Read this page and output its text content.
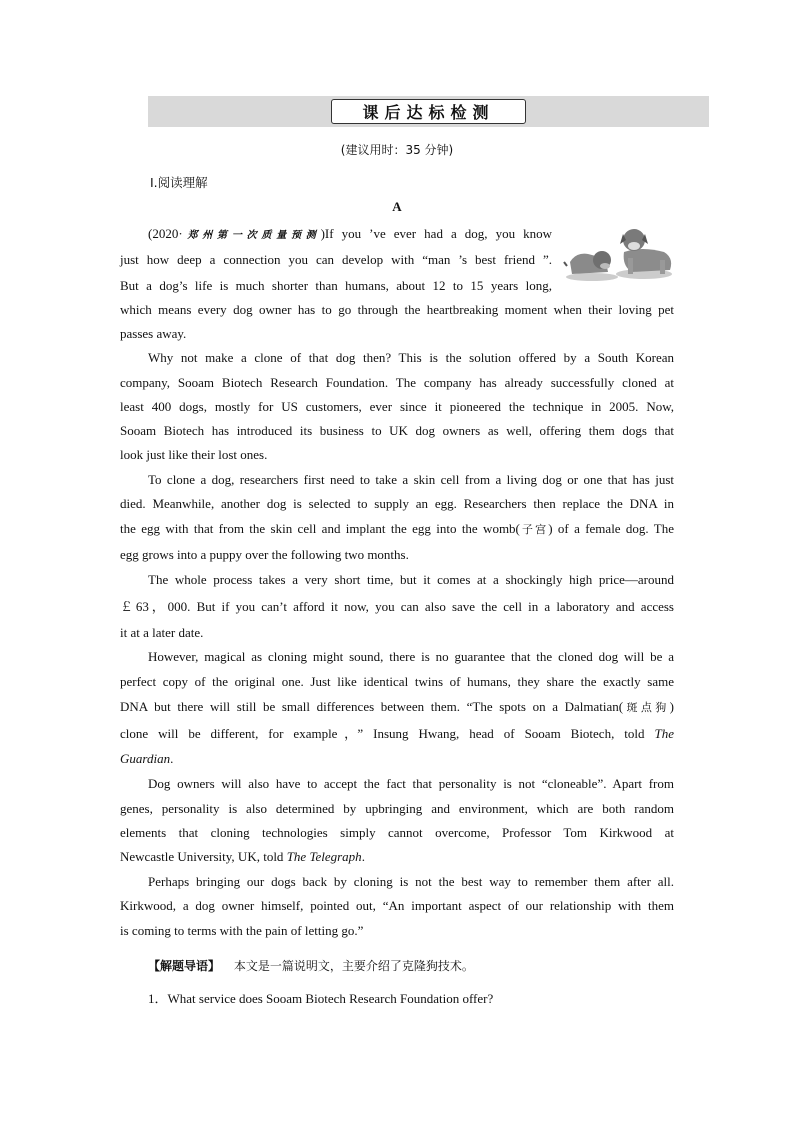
课后达标检测
(建议用时：35 分钟)
Ⅰ.阅读理解
A
(2020·郑州第一次质量预测)If you ’ve ever had a dog, you know
just how deep a connection you can develop with “man ’s best friend ”.
But a dog’s life is much shorter than humans, about 12 to 15 years long,
which means every dog owner has to go through the heartbreaking moment when their loving pet
passes away.
Why not make a clone of that dog then? This is the solution offered by a South Korean
company, Sooam Biotech Research Foundation. The company has already successfully cloned at
least 400 dogs, mostly for US customers, ever since it pioneered the technique in 2005. Now,
Sooam Biotech has introduced its business to UK dog owners as well, offering them dogs that
look just like their lost ones.
To clone a dog, researchers first need to take a skin cell from a living dog or one that has just
died. Meanwhile, another dog is selected to supply an egg. Researchers then replace the DNA in
the egg with that from the skin cell and implant the egg into the womb(子宫) of a female dog. The
egg grows into a puppy over the following two months.
The whole process takes a very short time, but it comes at a shockingly high price—around
￡63，000. But if you can’t afford it now, you can also save the cell in a laboratory and access
it at a later date.
However, magical as cloning might sound, there is no guarantee that the cloned dog will be a
perfect copy of the original one. Just like identical twins of humans, they share the exactly same
DNA but there will still be small differences between them. “The spots on a Dalmatian(斑点狗)
clone will be different, for example，” Insung Hwang, head of Sooam Biotech, told The
Guardian.
Dog owners will also have to accept the fact that personality is not “cloneable”. Apart from
genes, personality is also determined by upbringing and environment, which are both random
elements that cloning technologies simply cannot overcome, Professor Tom Kirkwood at
Newcastle University, UK, told The Telegraph.
Perhaps bringing our dogs back by cloning is not the best way to remember them after all.
Kirkwood, a dog owner himself, pointed out, “An important aspect of our relationship with them
is coming to terms with the pain of letting go.”
【解题导语】 本文是一篇说明文，主要介绍了克隆狗技术。
1．What service does Sooam Biotech Research Foundation offer?
